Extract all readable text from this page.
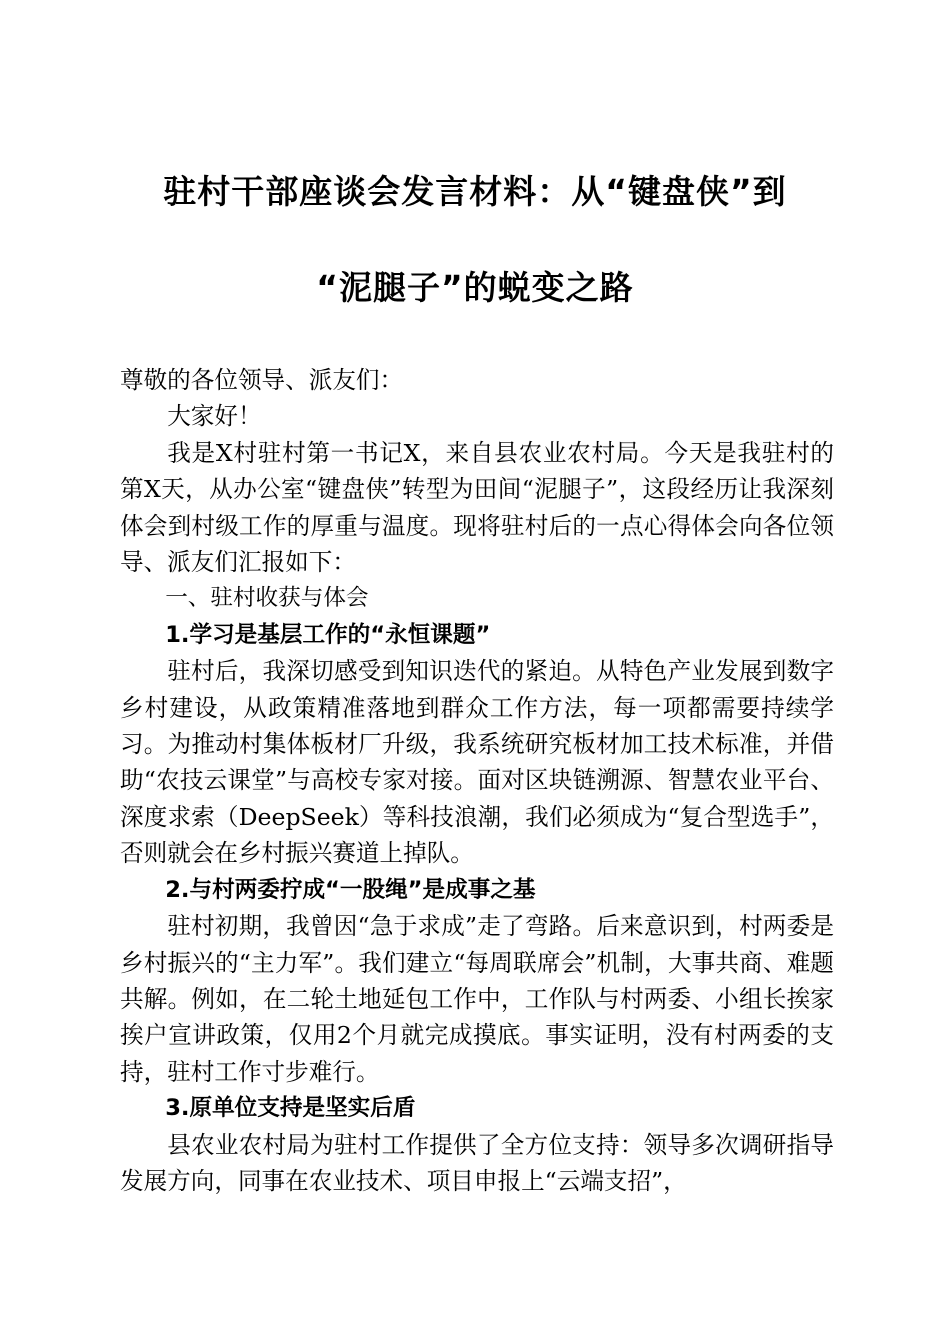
驻村干部座谈会发言材料：从“键盘侠”到
“泥腿子”的蜕变之路

尊敬的各位领导、派友们：

大家好！

我是X村驻村第一书记X，来自县农业农村局。今天是我驻村的第X天，从办公室“键盘侠”转型为田间“泥腿子”，这段经历让我深刻体会到村级工作的厚重与温度。现将驻村后的一点心得体会向各位领导、派友们汇报如下：

一、驻村收获与体会

1.学习是基层工作的“永恒课题”

驻村后，我深切感受到知识迭代的紧迫。从特色产业发展到数字乡村建设，从政策精准落地到群众工作方法，每一项都需要持续学习。为推动村集体板材厂升级，我系统研究板材加工技术标准，并借助“农技云课堂”与高校专家对接。面对区块链溯源、智慧农业平台、深度求索（DeepSeek）等科技浪潮，我们必须成为“复合型选手”，否则就会在乡村振兴赛道上掉队。

2.与村两委拧成“一股绳”是成事之基

驻村初期，我曾因“急于求成”走了弯路。后来意识到，村两委是乡村振兴的“主力军”。我们建立“每周联席会”机制，大事共商、难题共解。例如，在二轮土地延包工作中，工作队与村两委、小组长挨家挨户宣讲政策，仅用2个月就完成摸底。事实证明，没有村两委的支持，驻村工作寸步难行。

3.原单位支持是坚实后盾

县农业农村局为驻村工作提供了全方位支持：领导多次调研指导发展方向，同事在农业技术、项目申报上“云端支招”，
